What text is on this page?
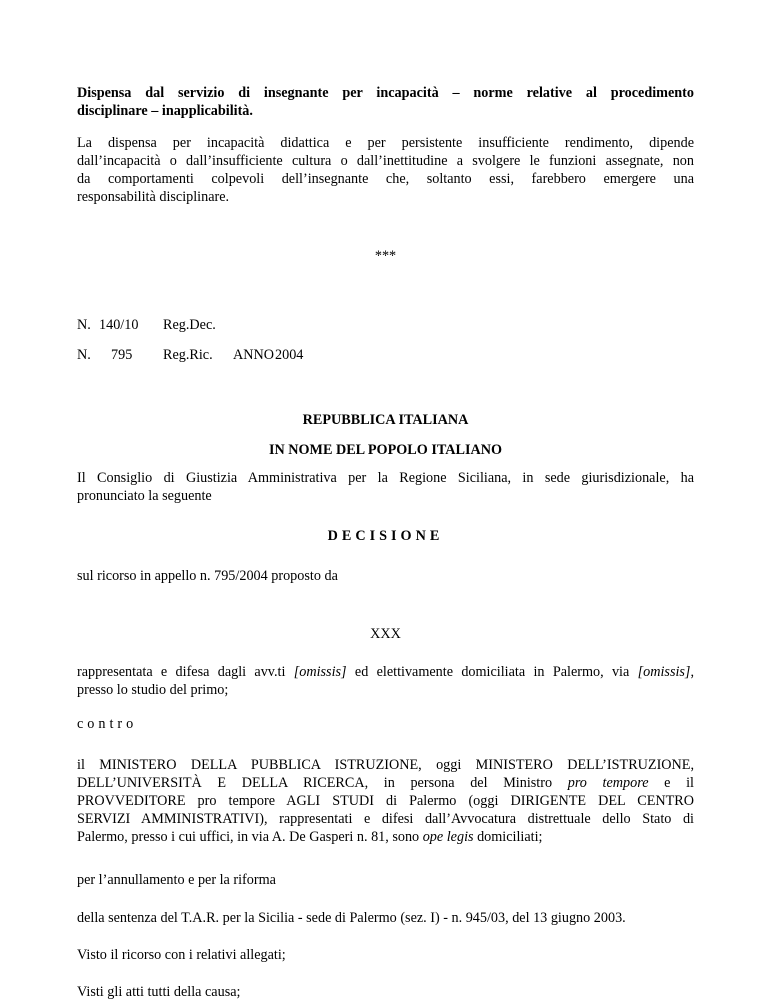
Dispensa dal servizio di insegnante per incapacità – norme relative al procedimento
disciplinare – inapplicabilità.
La dispensa per incapacità didattica e per persistente insufficiente rendimento, dipende
dall’incapacità o dall’insufficiente cultura o dall’inettitudine a svolgere le funzioni assegnate, non
da comportamenti colpevoli dell’insegnante che, soltanto essi, farebbero emergere una
responsabilità disciplinare.
***
N. 140/10 Reg.Dec.
N. 795 Reg.Ric. ANNO2004
REPUBBLICA ITALIANA
IN NOME DEL POPOLO ITALIANO
Il Consiglio di Giustizia Amministrativa per la Regione Siciliana, in sede giurisdizionale, ha
pronunciato la seguente
DECISIONE
sul ricorso in appello n. 795/2004 proposto da
XXX
rappresentata e difesa dagli avv.ti [omissis] ed elettivamente domiciliata in Palermo, via [omissis],
presso lo studio del primo;
contro
il MINISTERO DELLA PUBBLICA ISTRUZIONE, oggi MINISTERO DELL’ISTRUZIONE,
DELL’UNIVERSITÀ E DELLA RICERCA, in persona del Ministro pro tempore e il
PROVVEDITORE pro tempore AGLI STUDI di Palermo (oggi DIRIGENTE DEL CENTRO
SERVIZI AMMINISTRATIVI), rappresentati e difesi dall’Avvocatura distrettuale dello Stato di
Palermo, presso i cui uffici, in via A. De Gasperi n. 81, sono ope legis domiciliati;
per l’annullamento e per la riforma
della sentenza del T.A.R. per la Sicilia - sede di Palermo (sez. I) - n. 945/03, del 13 giugno 2003.
Visto il ricorso con i relativi allegati;
Visti gli atti tutti della causa;
